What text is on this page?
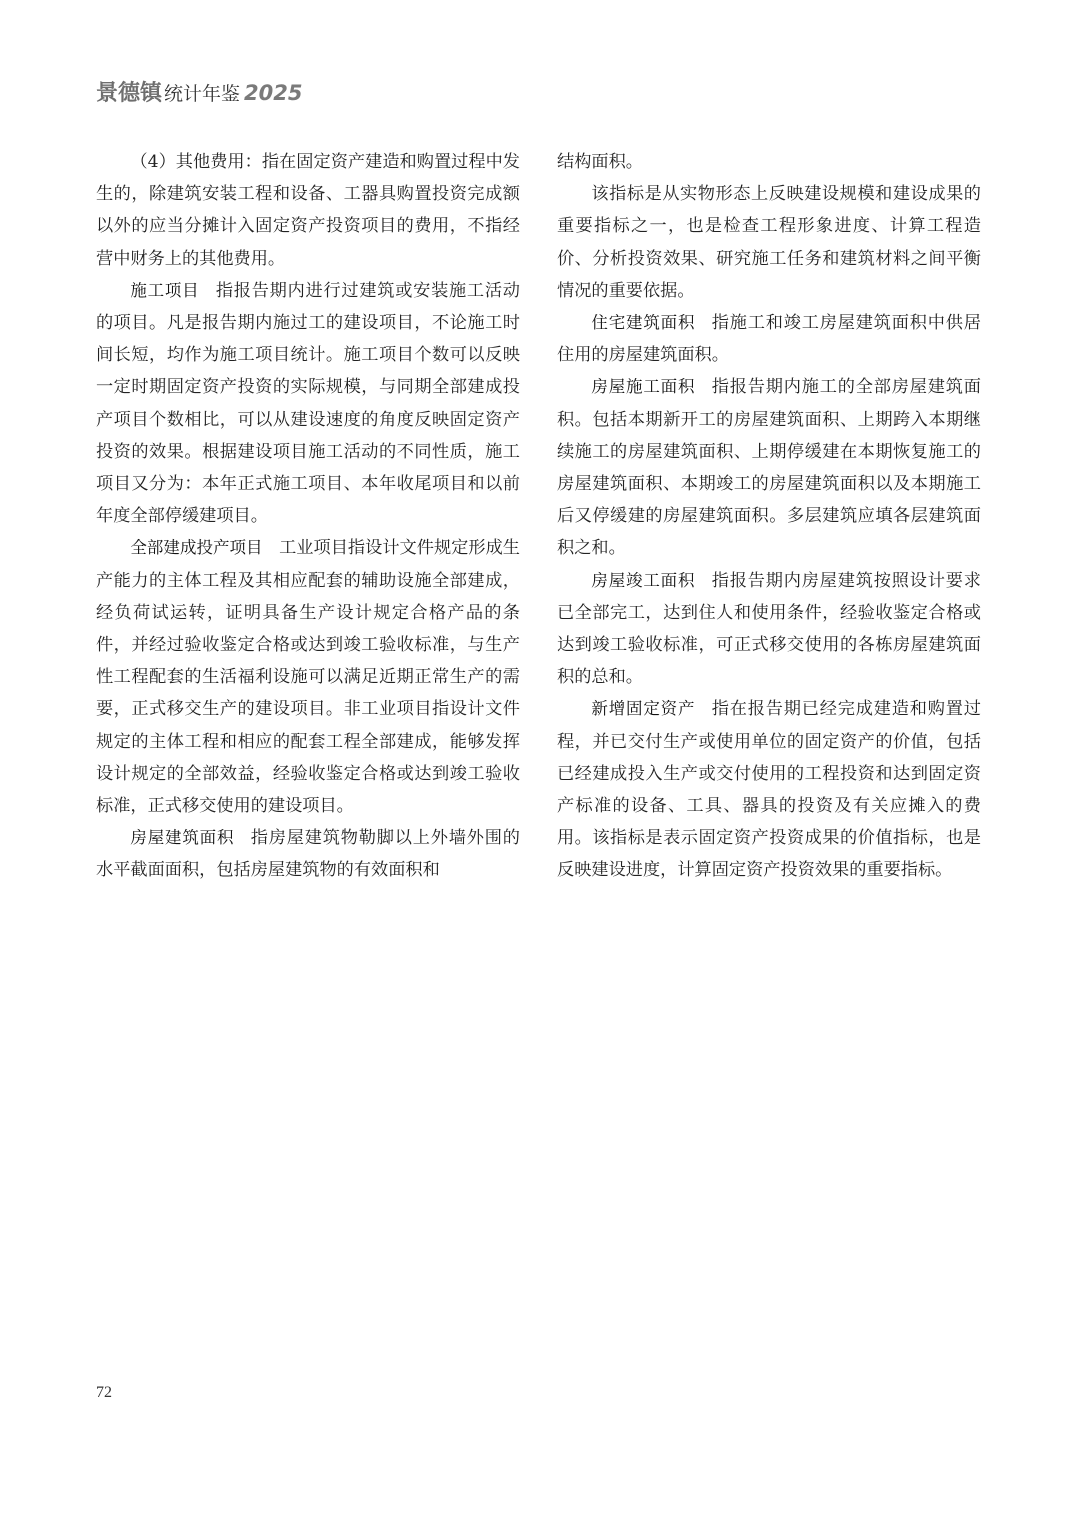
景德镇 统计年鉴 2025

（4）其他费用：指在固定资产建造和购置过程中发生的，除建筑安装工程和设备、工器具购置投资完成额以外的应当分摊计入固定资产投资项目的费用，不指经营中财务上的其他费用。

施工项目 指报告期内进行过建筑或安装施工活动的项目。凡是报告期内施过工的建设项目，不论施工时间长短，均作为施工项目统计。施工项目个数可以反映一定时期固定资产投资的实际规模，与同期全部建成投产项目个数相比，可以从建设速度的角度反映固定资产投资的效果。根据建设项目施工活动的不同性质，施工项目又分为：本年正式施工项目、本年收尾项目和以前年度全部停缓建项目。

全部建成投产项目 工业项目指设计文件规定形成生产能力的主体工程及其相应配套的辅助设施全部建成，经负荷试运转，证明具备生产设计规定合格产品的条件，并经过验收鉴定合格或达到竣工验收标准，与生产性工程配套的生活福利设施可以满足近期正常生产的需要，正式移交生产的建设项目。非工业项目指设计文件规定的主体工程和相应的配套工程全部建成，能够发挥设计规定的全部效益，经验收鉴定合格或达到竣工验收标准，正式移交使用的建设项目。

房屋建筑面积 指房屋建筑物勒脚以上外墙外围的水平截面面积，包括房屋建筑物的有效面积和

结构面积。

该指标是从实物形态上反映建设规模和建设成果的重要指标之一，也是检查工程形象进度、计算工程造价、分析投资效果、研究施工任务和建筑材料之间平衡情况的重要依据。

住宅建筑面积 指施工和竣工房屋建筑面积中供居住用的房屋建筑面积。

房屋施工面积 指报告期内施工的全部房屋建筑面积。包括本期新开工的房屋建筑面积、上期跨入本期继续施工的房屋建筑面积、上期停缓建在本期恢复施工的房屋建筑面积、本期竣工的房屋建筑面积以及本期施工后又停缓建的房屋建筑面积。多层建筑应填各层建筑面积之和。

房屋竣工面积 指报告期内房屋建筑按照设计要求已全部完工，达到住人和使用条件，经验收鉴定合格或达到竣工验收标准，可正式移交使用的各栋房屋建筑面积的总和。

新增固定资产 指在报告期已经完成建造和购置过程，并已交付生产或使用单位的固定资产的价值，包括已经建成投入生产或交付使用的工程投资和达到固定资产标准的设备、工具、器具的投资及有关应摊入的费用。该指标是表示固定资产投资成果的价值指标，也是反映建设进度，计算固定资产投资效果的重要指标。

72
